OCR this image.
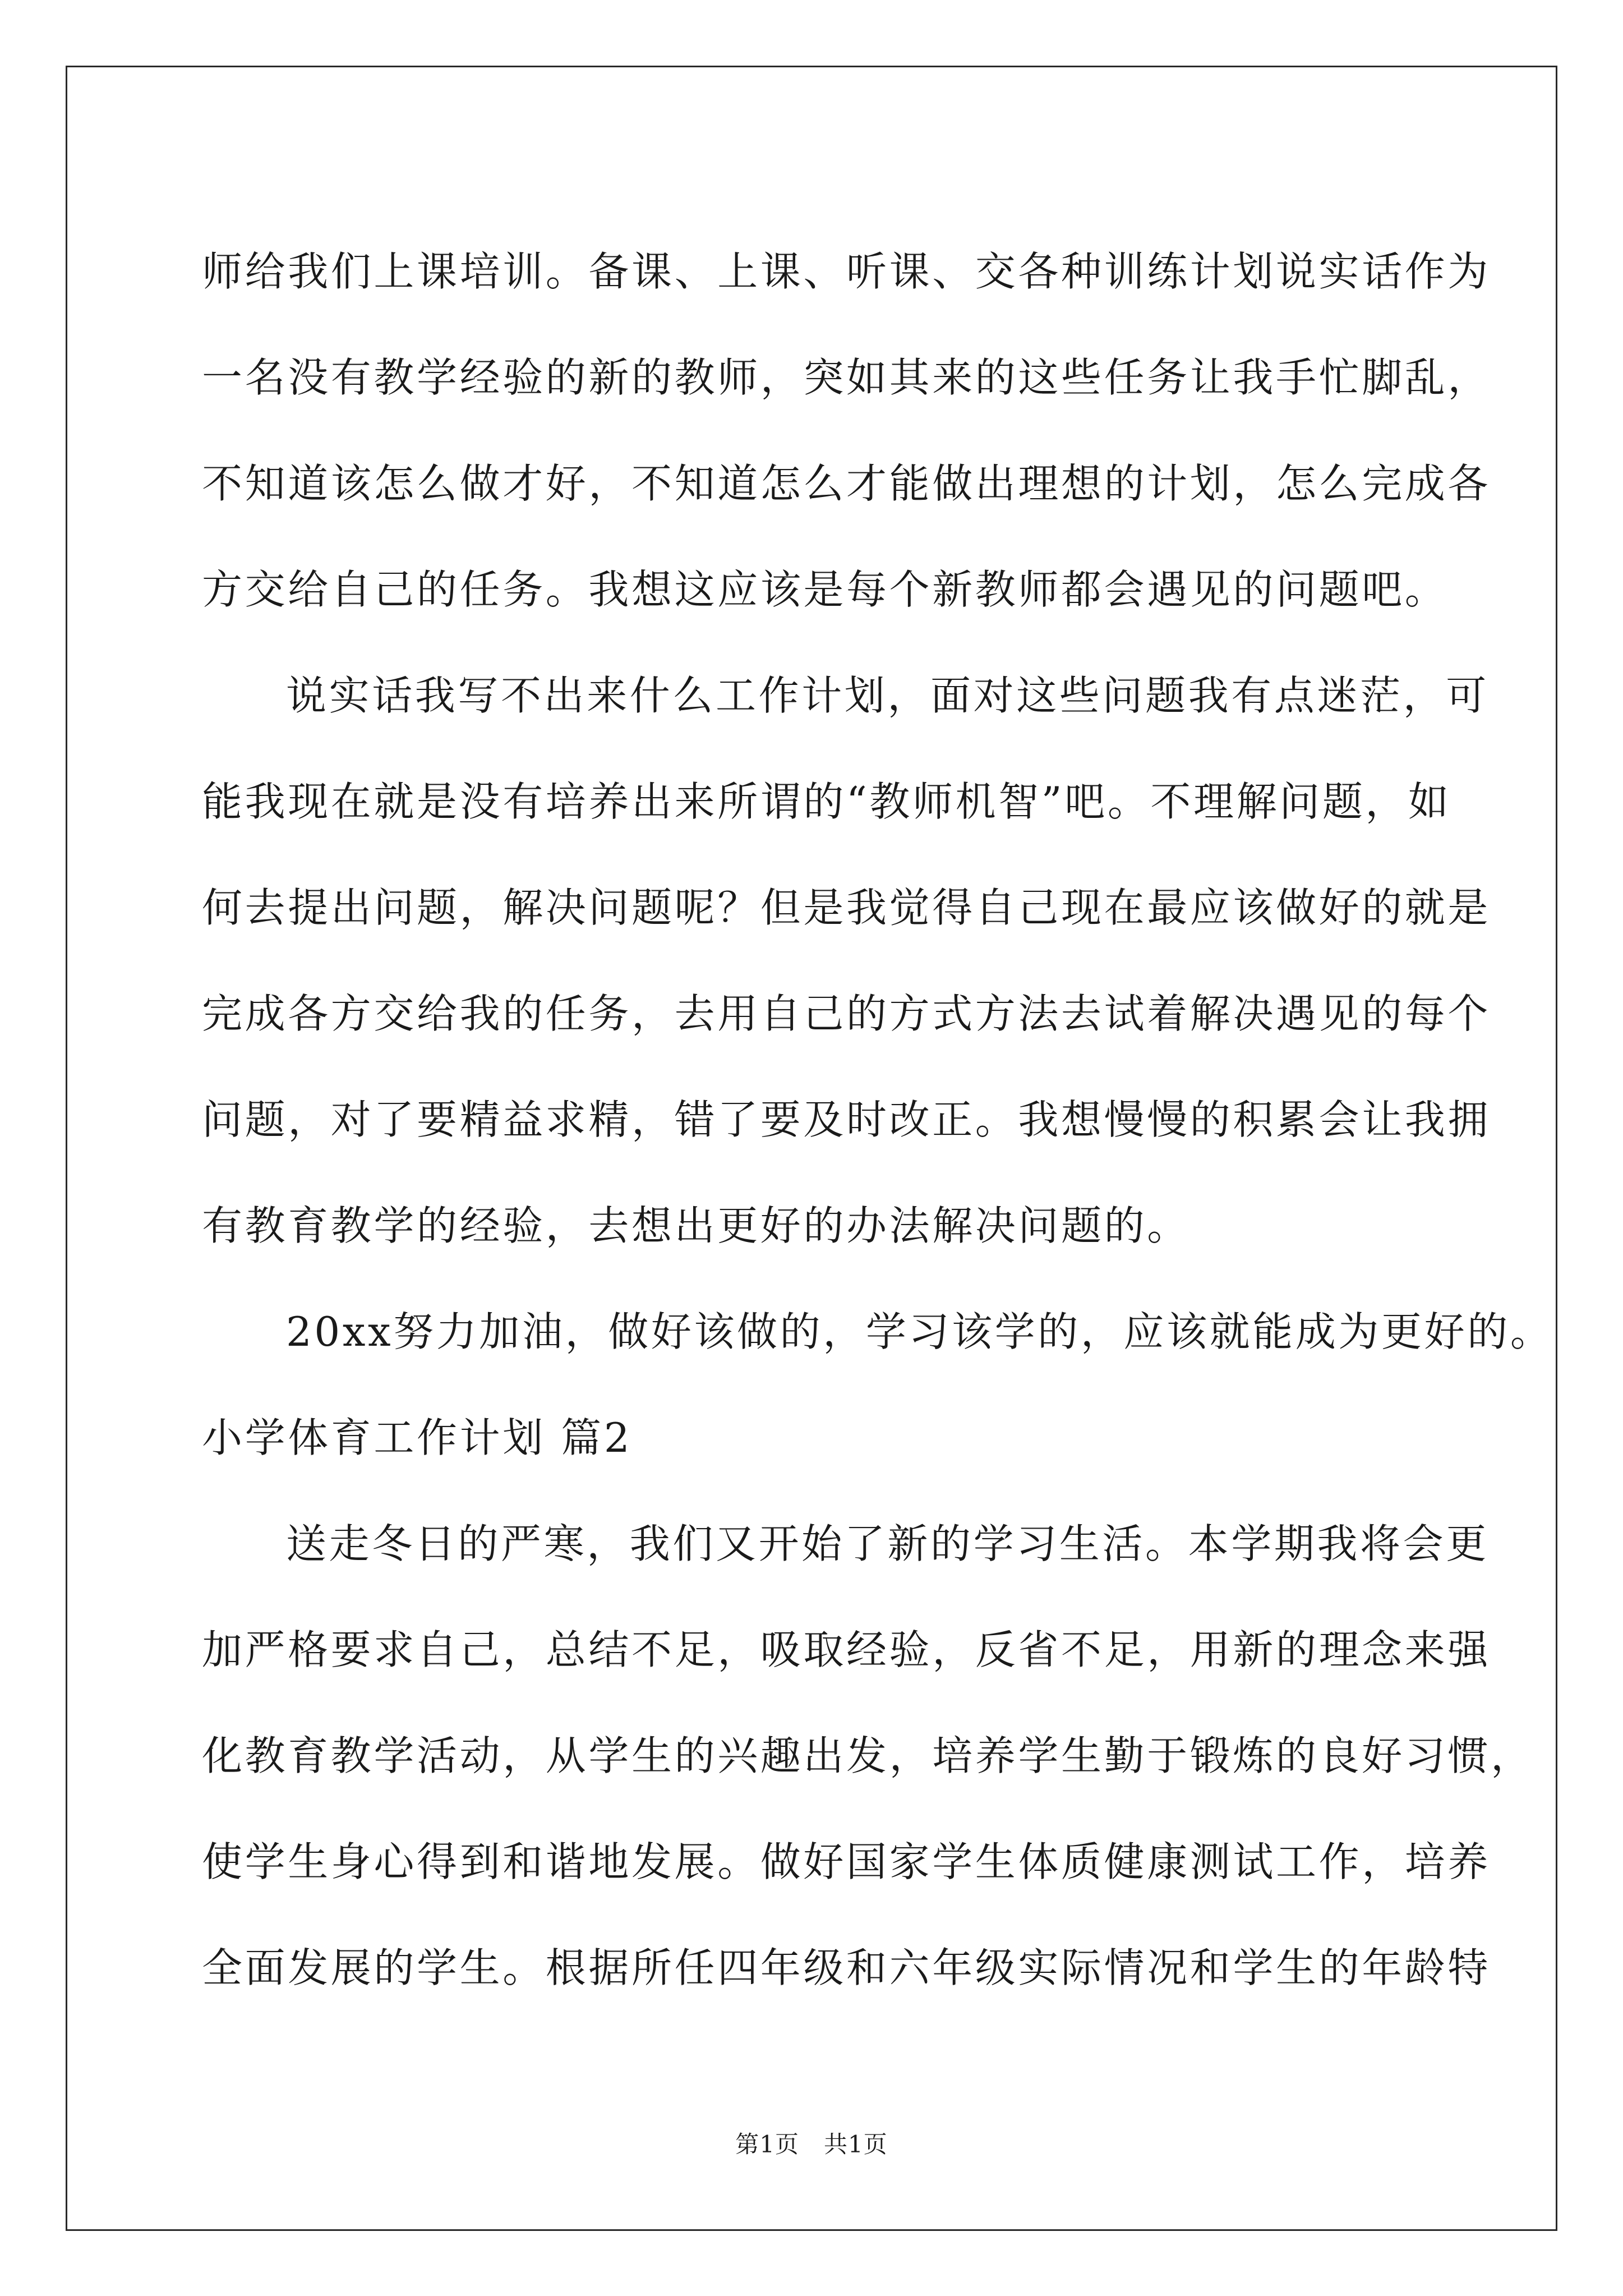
师给我们上课培训。备课、上课、听课、交各种训练计划说实话作为
一名没有教学经验的新的教师，突如其来的这些任务让我手忙脚乱，
不知道该怎么做才好，不知道怎么才能做出理想的计划，怎么完成各
方交给自己的任务。我想这应该是每个新教师都会遇见的问题吧。
说实话我写不出来什么工作计划，面对这些问题我有点迷茫，可
能我现在就是没有培养出来所谓的“教师机智”吧。不理解问题，如
何去提出问题，解决问题呢？但是我觉得自己现在最应该做好的就是
完成各方交给我的任务，去用自己的方式方法去试着解决遇见的每个
问题，对了要精益求精，错了要及时改正。我想慢慢的积累会让我拥
有教育教学的经验，去想出更好的办法解决问题的。
20xx努力加油，做好该做的，学习该学的，应该就能成为更好的。
小学体育工作计划 篇2
送走冬日的严寒，我们又开始了新的学习生活。本学期我将会更
加严格要求自己，总结不足，吸取经验，反省不足，用新的理念来强
化教育教学活动，从学生的兴趣出发，培养学生勤于锻炼的良好习惯，
使学生身心得到和谐地发展。做好国家学生体质健康测试工作，培养
全面发展的学生。根据所任四年级和六年级实际情况和学生的年龄特
第1页 共1页
